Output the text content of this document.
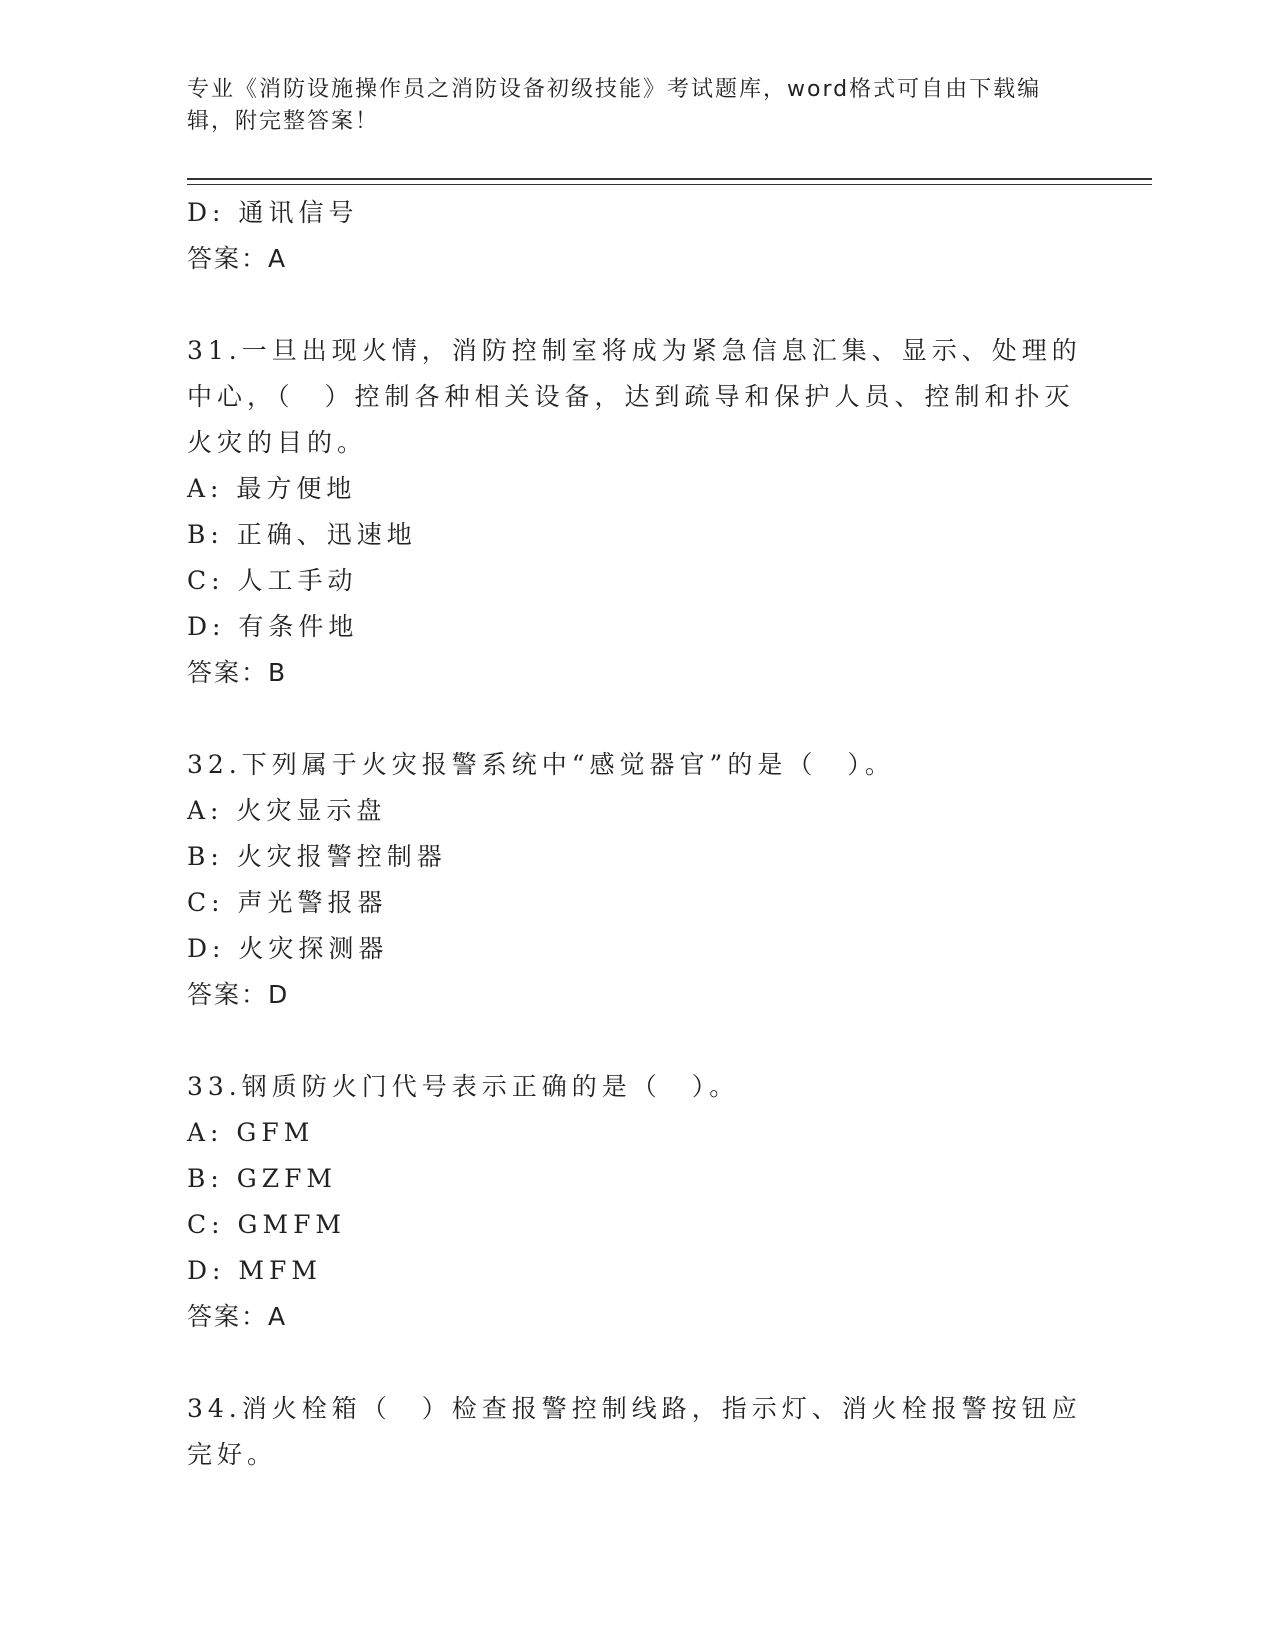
专业《消防设施操作员之消防设备初级技能》考试题库，word格式可自由下载编辑，附完整答案！
D: 通讯信号
答案：A
31.一旦出现火情，消防控制室将成为紧急信息汇集、显示、处理的中心，（　）控制各种相关设备，达到疏导和保护人员、控制和扑灭火灾的目的。
A: 最方便地
B: 正确、迅速地
C: 人工手动
D: 有条件地
答案：B
32.下列属于火灾报警系统中“感觉器官”的是（　）。
A: 火灾显示盘
B: 火灾报警控制器
C: 声光警报器
D: 火灾探测器
答案：D
33.钢质防火门代号表示正确的是（　）。
A: GFM
B: GZFM
C: GMFM
D: MFM
答案：A
34.消火栓箱（　）检查报警控制线路，指示灯、消火栓报警按钮应完好。
